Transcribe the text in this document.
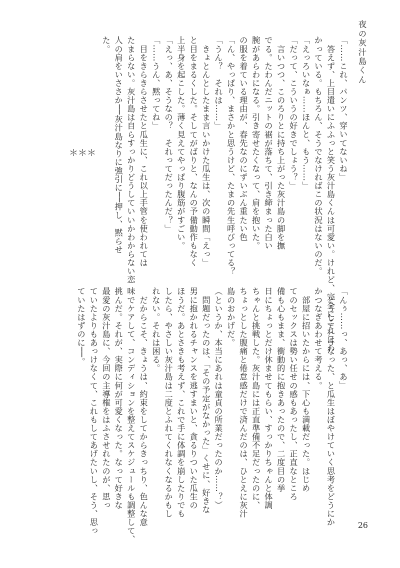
夜の灰汁島くん
「……これ、パンツ、穿いてないね」
　答えず、上目遣いにふふっと笑う灰汁島くんは可愛い。けれど、完全にこれはわ
かっている。もちろん、そうでなければこの状況はないのだ。
「えっろいなぁ……ほんと、もう……」
「だって、こういうの好きでしょう？」
　言いつつ、このろりとに持ち上がった灰汁島の脚を撫
でる。たわんだニットの裾が落ちて、引き締まった白い
腕があらわになる。引き寄せたくなって、肩を抱いた。
の服を着ている理由が、春先なのにずいぶん重たい色
「ん、やっぱり、まさかと思うけど、たまの先生呼びってる？
「うん？　それは……」
　きょとんとしたまま言いかけた瓜生は、次の瞬間「えっ」
と目をまるくした。そしてがばりと、なんの予備動作もなく
上半身を起こした。薄く見えてやっぱり腹筋がすごい。
「えっ、あ、そうなの？　それってだったんだ？」
「……うん、黙ってね」
　目をきらきらさせたと瓜生に、これ以上手管を使われては
たまらない。灰汁島は自らすっかりどうしていいかわからない恋
人の肩をいささか──灰汁島なりに強引に──押し、黙らせ
た。
＊
＊
＊
「んぅ……っ、あっ、あ」
　どうしてこうなった、と瓜生はぼやけていく思考をどうにか
かつなぎあわせて考える。
　部屋に招いたからには、下心も満載だった。はじめ
てのセックスは勢い任せの感もあったし、正直なところ
備も心もまま、衝動的に抱きあったので、二度目の挙
日にちょっとだけ休ませてもらい、すっかりちゃんと体調
ちゃんと挑戦した。灰汁島には正直準備不足だったのに、
ちょっとした腹痛と倦怠感だけで済んだのは、ひとえに灰汁
島のおかげだ。
（というか、本当にあれは童貞の所業だったのか……？）
　問題だったのは、「その予定がなかった」くせに、好きな
男に抱かれるチャンスを逃すまいと、貪るりついた瓜生の
ほうだ。あとさきも考えず、これで手に体調を崩したりでも
したら、やさしい灰汁島は二度とふれてくれなくなるかもし
れない。それは困る。
　だからこそ、きょうは、約束をしてからきっちり、色んな意
味でケアして、コンディションを整えてスケジュールも調整して、
挑んだ。それが、実際に何が可愛くなった。なって好きな
最愛の灰汁島に、今回の主導権をはふさせれたのが、思っ
ていたよりもあっけなくて、これもしてあげたいし、そう、思っ
ていたはずのに──。
26
